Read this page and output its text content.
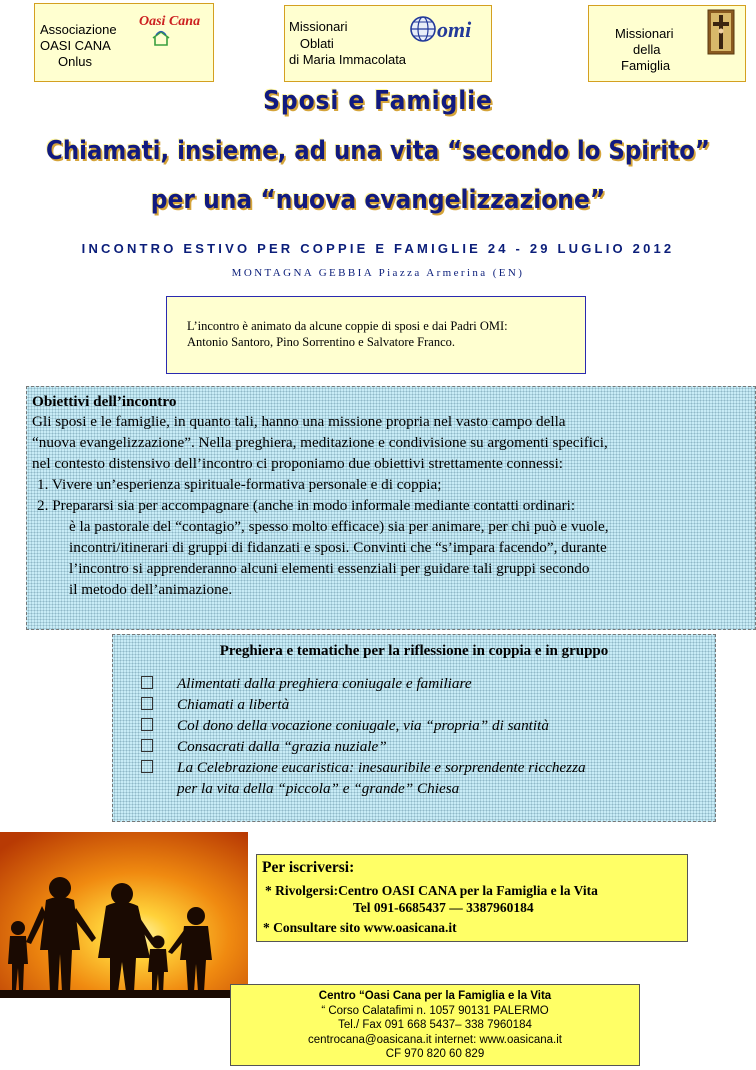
Associazione
OASI CANA
Onlus
Oasi Cana	Missionari
Oblati
di Maria Immacolata
omi	Missionari
della
Famiglia
Sposi e Famiglie
Chiamati, insieme, ad una vita “secondo lo Spirito”
per una “nuova evangelizzazione”
INCONTRO ESTIVO PER COPPIE E FAMIGLIE 24 - 29 LUGLIO 2012
MONTAGNA GEBBIA Piazza Armerina (EN)

L’incontro è animato da alcune coppie di sposi e dai Padri OMI:

Antonio Santoro, Pino Sorrentino e Salvatore Franco.

Obiettivi dell’incontro
Gli sposi e le famiglie, in quanto tali, hanno una missione propria nel vasto campo della
“nuova evangelizzazione”. Nella preghiera, meditazione e condivisione su argomenti specifici,
nel contesto distensivo dell’incontro ci proponiamo due obiettivi strettamente connessi:
1. Vivere un’esperienza spirituale-formativa personale e di coppia;
2. Prepararsi sia per accompagnare (anche in modo informale mediante contatti ordinari:
è la pastorale del “contagio”, spesso molto efficace) sia per animare, per chi può e vuole,
incontri/itinerari di gruppi di fidanzati e sposi. Convinti che “s’impara facendo”, durante
l’incontro si apprenderanno alcuni elementi essenziali per guidare tali gruppi secondo
il metodo dell’animazione.
Preghiera e tematiche per la riflessione in coppia e in gruppo
Alimentati dalla preghiera coniugale e familiare
Chiamati a libertà
Col dono della vocazione coniugale, via “propria” di santità
Consacrati dalla “grazia nuziale”
La Celebrazione eucaristica: inesauribile e sorprendente ricchezza
per la vita della “piccola” e “grande” Chiesa
Per iscriversi:
* Rivolgersi:Centro OASI CANA per la Famiglia e la Vita
Tel 091-6685437 — 3387960184
* Consultare sito www.oasicana.it
Centro “Oasi Cana per la Famiglia e la Vita
“ Corso Calatafimi n. 1057 90131 PALERMO
Tel./ Fax 091 668 5437– 338 7960184
centrocana@oasicana.it internet: www.oasicana.it
CF 970 820 60 829
